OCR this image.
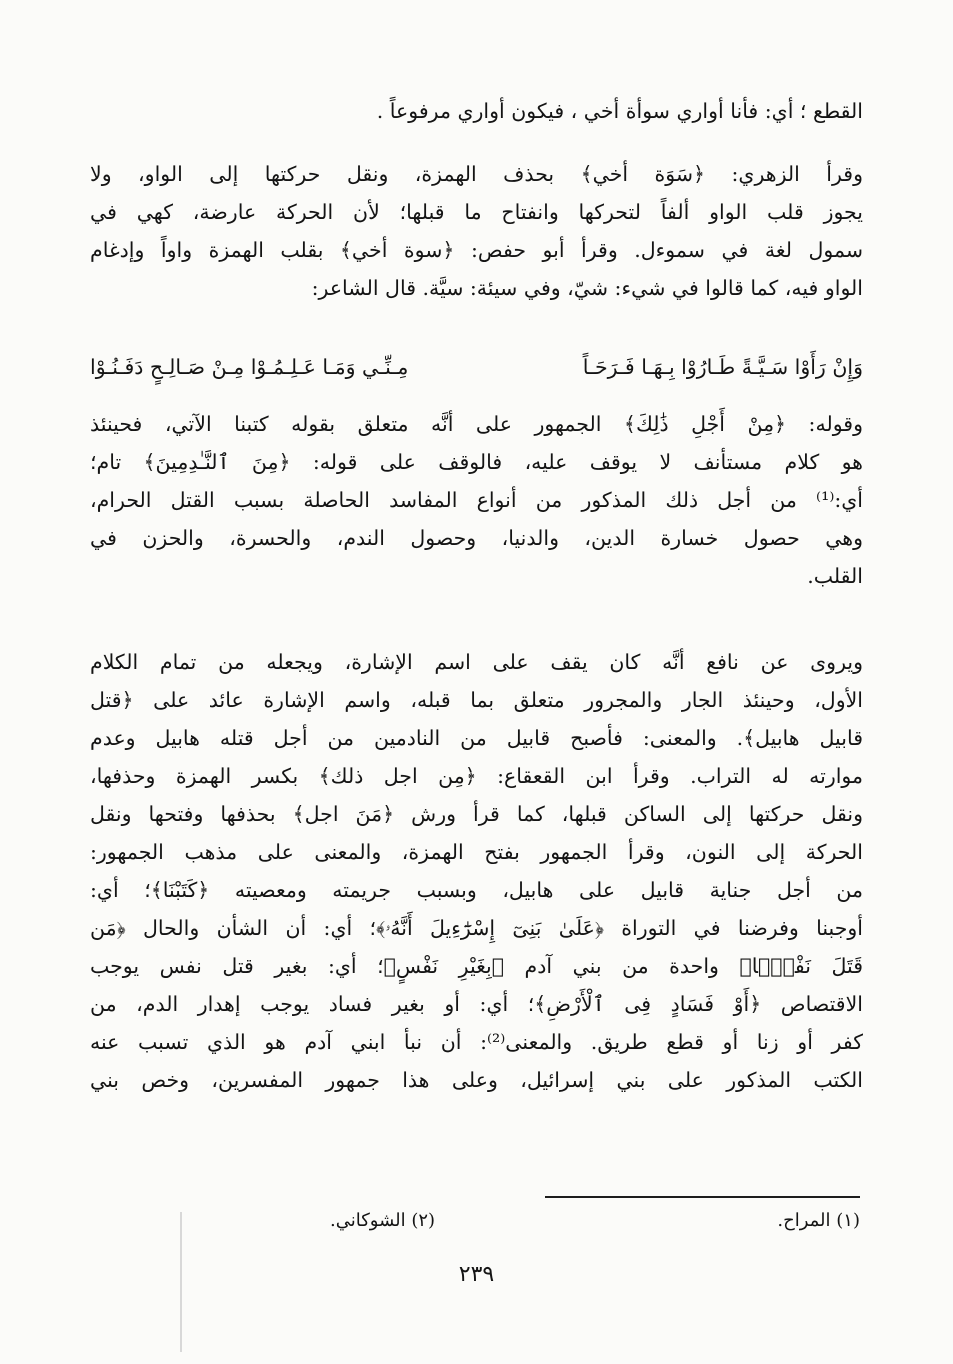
القطع ؛ أي: فأنا أواري سوأة أخي ، فيكون أواري مرفوعاً .
وقرأ الزهري: ﴿سَوَة أخي﴾ بحذف الهمزة، ونقل حركتها إلى الواو، ولا
يجوز قلب الواو ألفاً لتحركها وانفتاح ما قبلها؛ لأن الحركة عارضة، كهي في
سمول لغة في سموءل. وقرأ أبو حفص: ﴿سوة أخي﴾ بقلب الهمزة واواً وإدغام
الواو فيه، كما قالوا في شيء: شيّ، وفي سيئة: سيَّة. قال الشاعر:
وَإِنْ رَأَوْا سَـيَّـةً طَـارُوْا بِـهَـا فَـرَحَـاً
مِـنِّـي وَمَـا عَـلِـمُـوْا مِـنْ صَـالِـحٍ دَفَـنُـوْا
وقوله: ﴿مِنْ أَجْلِ ذَٰلِكَ﴾ الجمهور على أنَّه متعلق بقوله كتبنا الآتي، فحينئذ
هو كلام مستأنف لا يوقف عليه، فالوقف على قوله: ﴿مِنَ ٱلنَّـٰدِمِينَ﴾ تام؛
أي:⁽¹⁾ من أجل ذلك المذكور من أنواع المفاسد الحاصلة بسبب القتل الحرام،
وهي حصول خسارة الدين، والدنيا، وحصول الندم، والحسرة، والحزن في
القلب.
ويروى عن نافع أنَّه كان يقف على اسم الإشارة، ويجعله من تمام الكلام
الأول، وحينئذ الجار والمجرور متعلق بما قبله، واسم الإشارة عائد على ﴿قتل
قابيل هابيل﴾. والمعنى: فأصبح قابيل من النادمين من أجل قتله هابيل وعدم
موارته له التراب. وقرأ ابن القعقاع: ﴿مِن اجل ذلك﴾ بكسر الهمزة وحذفها،
ونقل حركتها إلى الساكن قبلها، كما قرأ ورش ﴿مَنَ اجل﴾ بحذفها وفتحها ونقل
الحركة إلى النون، وقرأ الجمهور بفتح الهمزة، والمعنى على مذهب الجمهور:
من أجل جناية قابيل على هابيل، وبسبب جريمته ومعصيته ﴿كَتَبْنَا﴾؛ أي:
أوجبنا وفرضنا في التوراة ﴿عَلَىٰ بَنِىٓ إِسْرَٰٓءِيلَ أَنَّهُۥ﴾؛ أي: أن الشأن والحال ﴿مَن
قَتَلَ نَفْسًۢا﴾ واحدة من بني آدم ﴿بِغَيْرِ نَفْسٍ﴾؛ أي: بغير قتل نفس يوجب
الاقتصاص ﴿أَوْ فَسَادٍ فِى ٱلْأَرْضِ﴾؛ أي: أو بغير فساد يوجب إهدار الدم، من
كفر أو زنا أو قطع طريق. والمعنى⁽²⁾: أن نبأ ابني آدم هو الذي تسبب عنه
الكتب المذكور على بني إسرائيل، وعلى هذا جمهور المفسرين، وخص بني
(١) المراح.
(٢) الشوكاني.
٢٣٩
